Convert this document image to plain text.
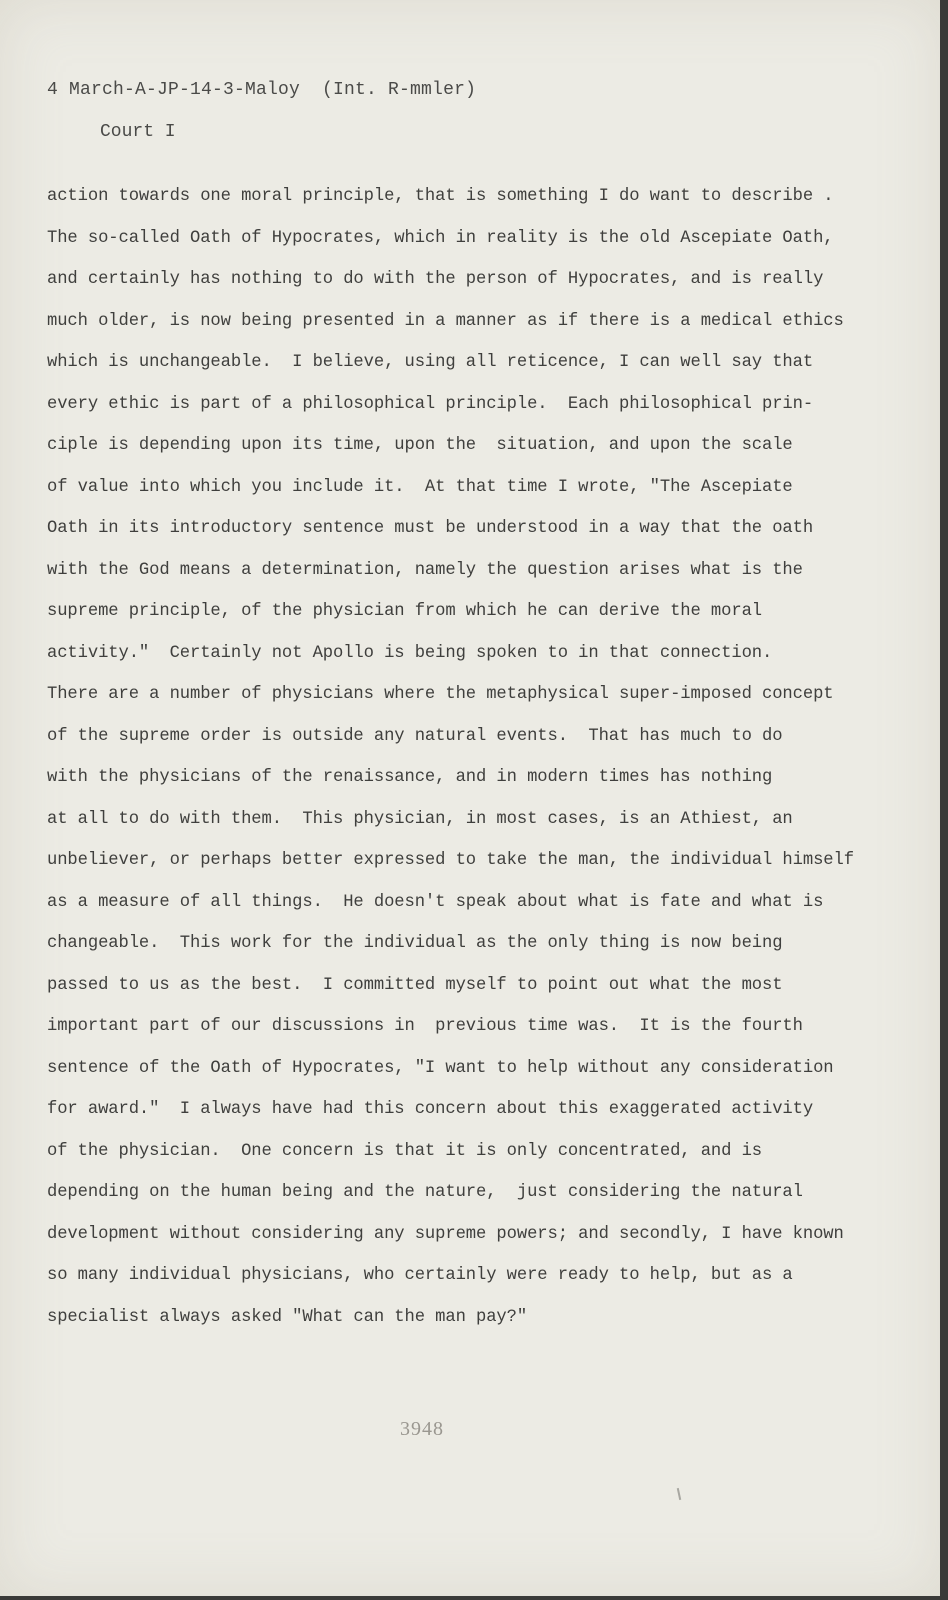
4 March-A-JP-14-3-Maloy  (Int. R-mmler)
Court I
action towards one moral principle, that is something I do want to describe .
The so-called Oath of Hypocrates, which in reality is the old Ascepiate Oath,
and certainly has nothing to do with the person of Hypocrates, and is really
much older, is now being presented in a manner as if there is a medical ethics
which is unchangeable.  I believe, using all reticence, I can well say that
every ethic is part of a philosophical principle.  Each philosophical prin-
ciple is depending upon its time, upon the  situation, and upon the scale
of value into which you include it.  At that time I wrote, "The Ascepiate
Oath in its introductory sentence must be understood in a way that the oath
with the God means a determination, namely the question arises what is the
supreme principle, of the physician from which he can derive the moral
activity."  Certainly not Apollo is being spoken to in that connection.
There are a number of physicians where the metaphysical super-imposed concept
of the supreme order is outside any natural events.  That has much to do
with the physicians of the renaissance, and in modern times has nothing
at all to do with them.  This physician, in most cases, is an Athiest, an
unbeliever, or perhaps better expressed to take the man, the individual himself
as a measure of all things.  He doesn't speak about what is fate and what is
changeable.  This work for the individual as the only thing is now being
passed to us as the best.  I committed myself to point out what the most
important part of our discussions in  previous time was.  It is the fourth
sentence of the Oath of Hypocrates, "I want to help without any consideration
for award."  I always have had this concern about this exaggerated activity
of the physician.  One concern is that it is only concentrated, and is
depending on the human being and the nature,  just considering the natural
development without considering any supreme powers; and secondly, I have known
so many individual physicians, who certainly were ready to help, but as a
specialist always asked "What can the man pay?"
3948
